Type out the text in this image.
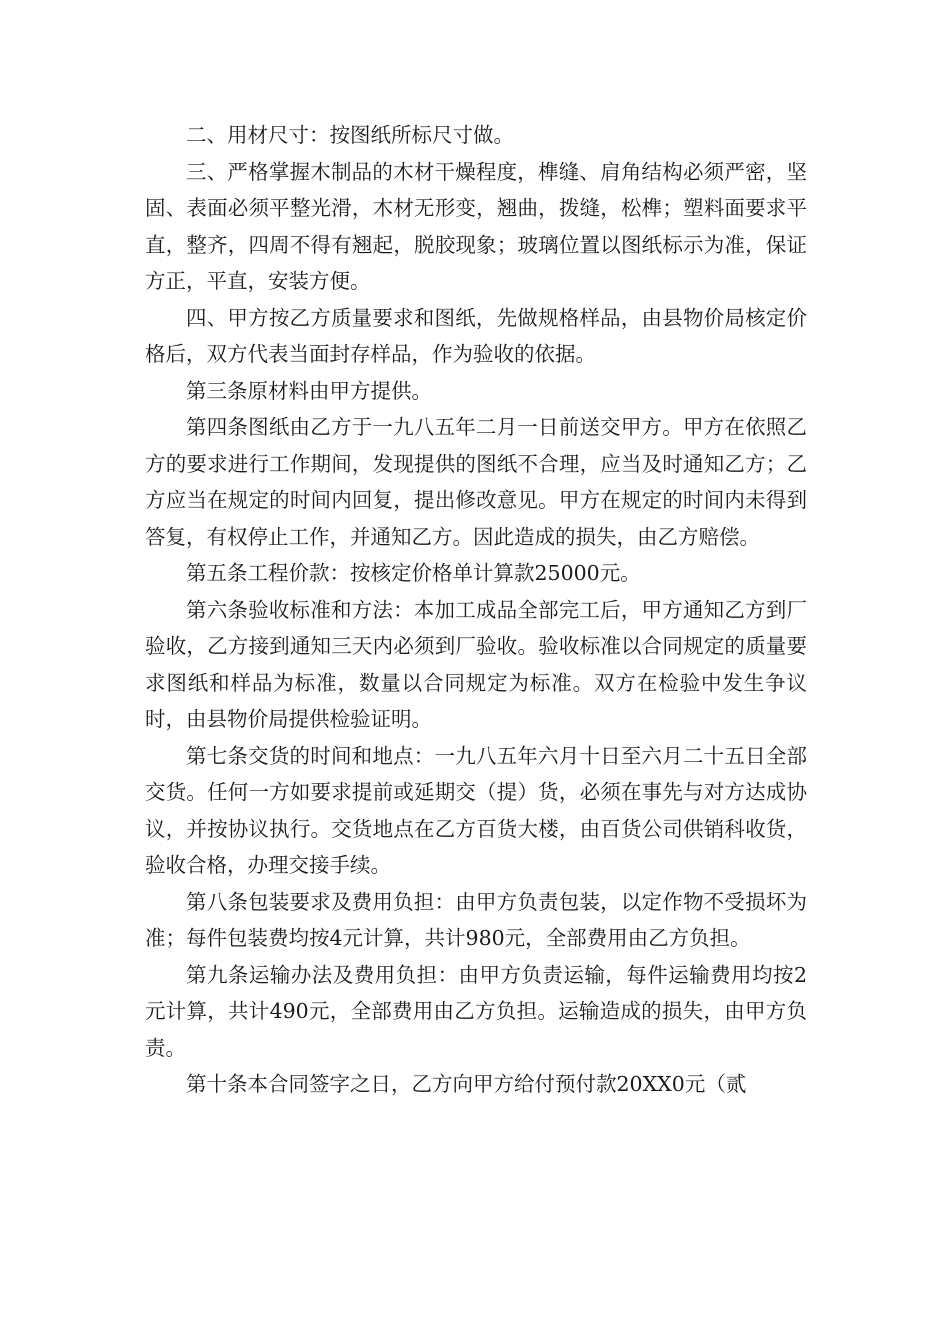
二、用材尺寸：按图纸所标尺寸做。

三、严格掌握木制品的木材干燥程度，榫缝、肩角结构必须严密，坚固、表面必须平整光滑，木材无形变，翘曲，拨缝，松榫；塑料面要求平直，整齐，四周不得有翘起，脱胶现象；玻璃位置以图纸标示为准，保证方正，平直，安装方便。

四、甲方按乙方质量要求和图纸，先做规格样品，由县物价局核定价格后，双方代表当面封存样品，作为验收的依据。

第三条原材料由甲方提供。

第四条图纸由乙方于一九八五年二月一日前送交甲方。甲方在依照乙方的要求进行工作期间，发现提供的图纸不合理，应当及时通知乙方；乙方应当在规定的时间内回复，提出修改意见。甲方在规定的时间内未得到答复，有权停止工作，并通知乙方。因此造成的损失，由乙方赔偿。

第五条工程价款：按核定价格单计算款25000元。

第六条验收标准和方法：本加工成品全部完工后，甲方通知乙方到厂验收，乙方接到通知三天内必须到厂验收。验收标准以合同规定的质量要求图纸和样品为标准，数量以合同规定为标准。双方在检验中发生争议时，由县物价局提供检验证明。

第七条交货的时间和地点：一九八五年六月十日至六月二十五日全部交货。任何一方如要求提前或延期交（提）货，必须在事先与对方达成协议，并按协议执行。交货地点在乙方百货大楼，由百货公司供销科收货，验收合格，办理交接手续。

第八条包装要求及费用负担：由甲方负责包装，以定作物不受损坏为准；每件包装费均按4元计算，共计980元，全部费用由乙方负担。

第九条运输办法及费用负担：由甲方负责运输，每件运输费用均按2元计算，共计490元，全部费用由乙方负担。运输造成的损失，由甲方负责。

第十条本合同签字之日，乙方向甲方给付预付款20XX0元（贰
